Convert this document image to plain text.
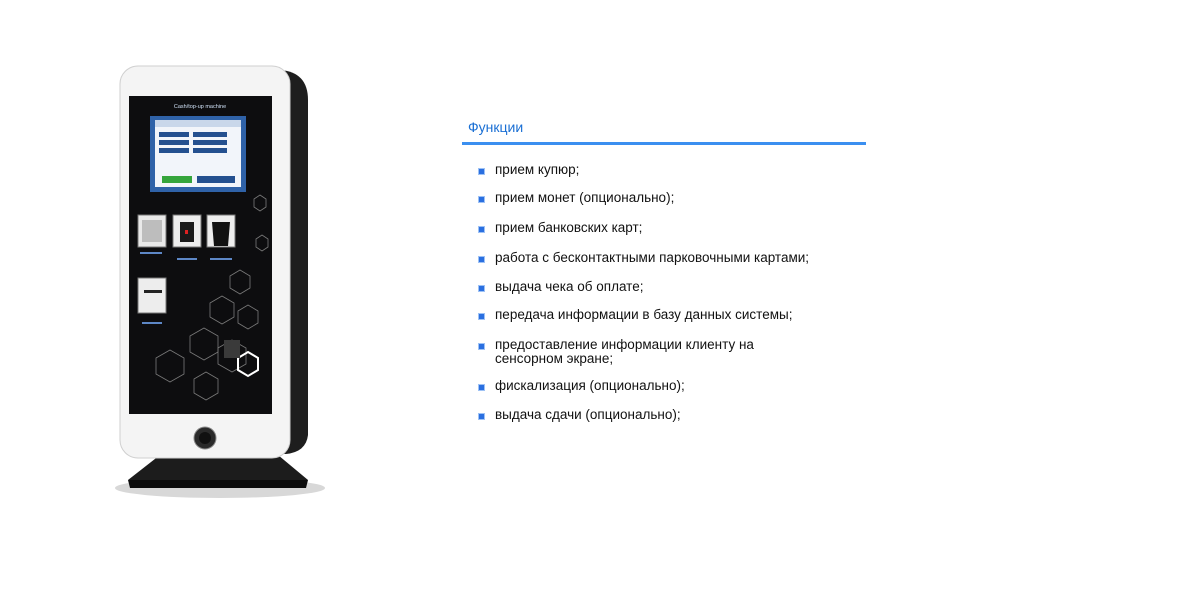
Cash/top-up machine
Функции
прием купюр;
прием монет (опционально);
прием банковских карт;
работа с бесконтактными парковочными картами;
выдача чека об оплате;
передача информации в базу данных системы;
предоставление информации клиенту на сенсорном экране;
фискализация (опционально);
выдача сдачи (опционально);
